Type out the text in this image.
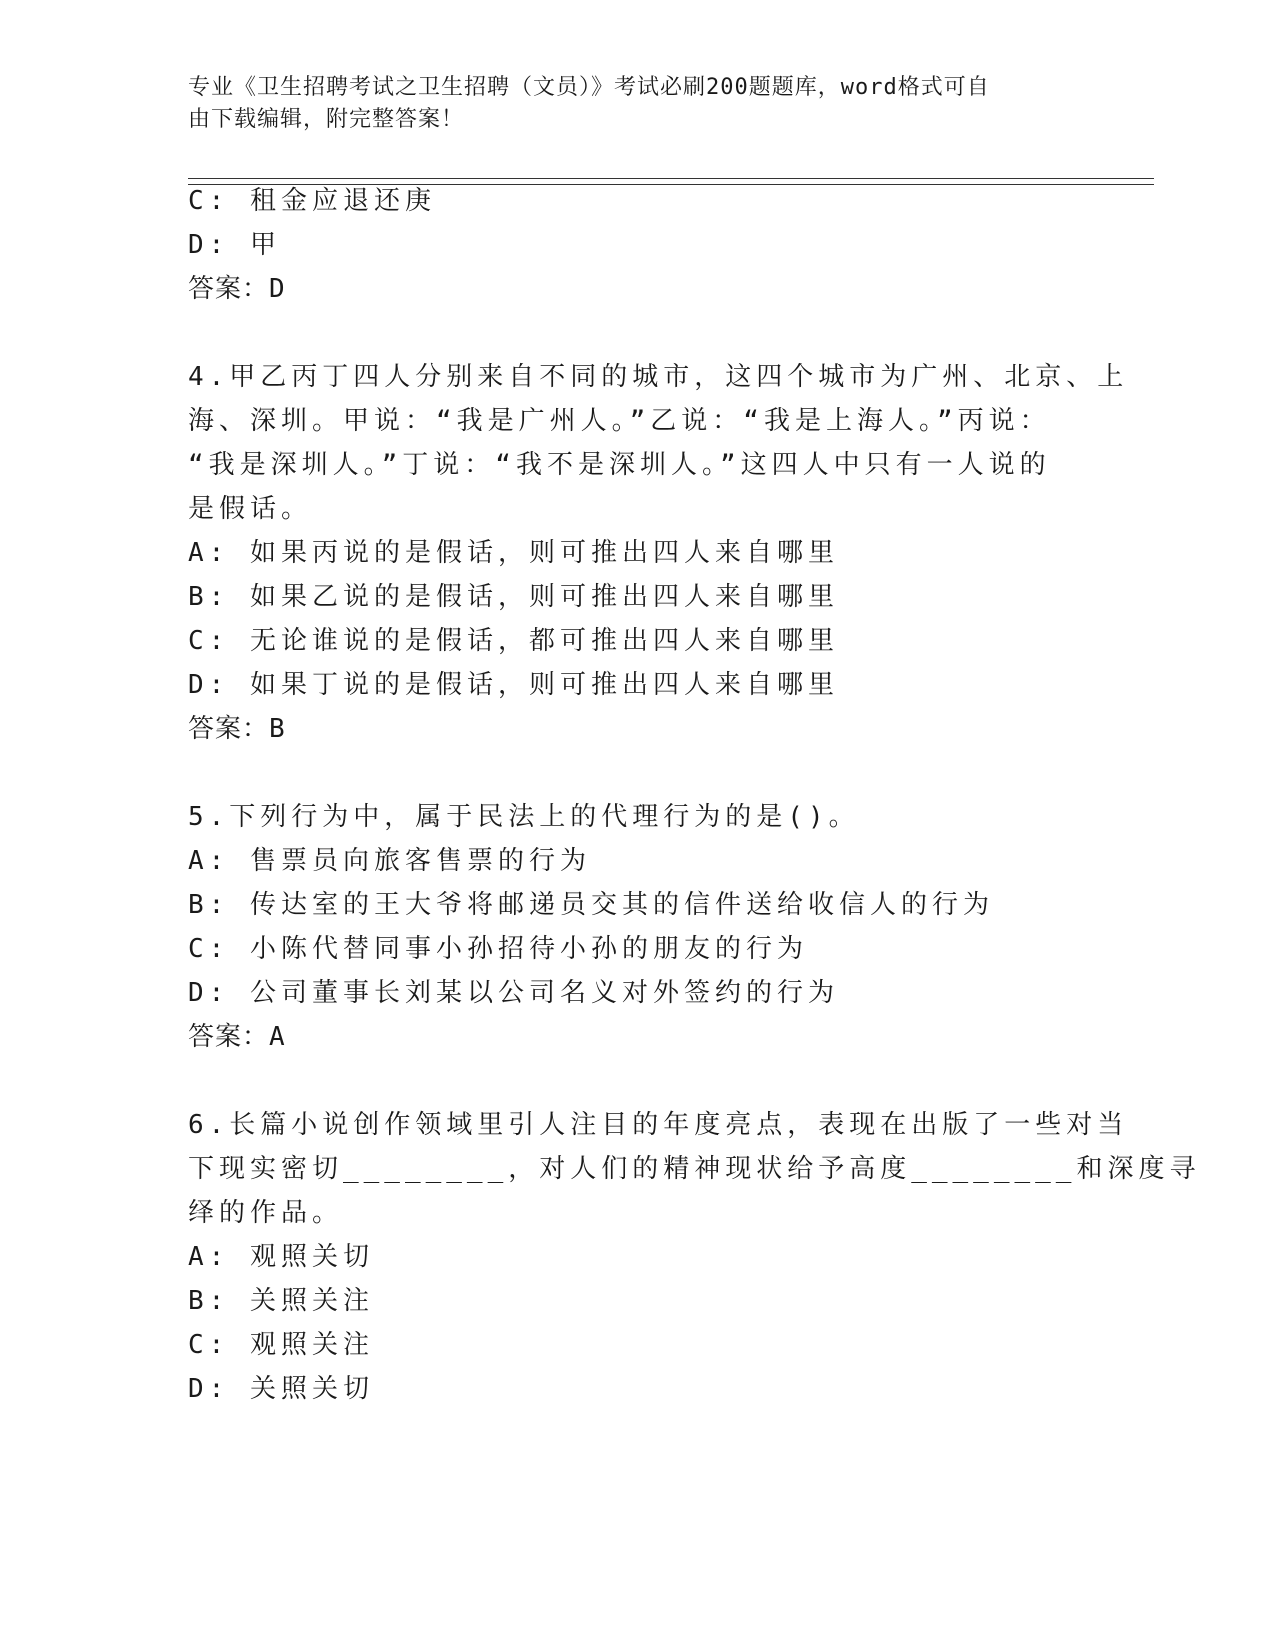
专业《卫生招聘考试之卫生招聘（文员）》考试必刷200题题库，word格式可自
由下载编辑，附完整答案！
C: 租金应退还庚
D: 甲
答案：D
4.甲乙丙丁四人分别来自不同的城市，这四个城市为广州、北京、上
海、深圳。甲说：“我是广州人。”乙说：“我是上海人。”丙说：
“我是深圳人。”丁说：“我不是深圳人。”这四人中只有一人说的
是假话。
A: 如果丙说的是假话，则可推出四人来自哪里
B: 如果乙说的是假话，则可推出四人来自哪里
C: 无论谁说的是假话，都可推出四人来自哪里
D: 如果丁说的是假话，则可推出四人来自哪里
答案：B
5.下列行为中，属于民法上的代理行为的是()。
A: 售票员向旅客售票的行为
B: 传达室的王大爷将邮递员交其的信件送给收信人的行为
C: 小陈代替同事小孙招待小孙的朋友的行为
D: 公司董事长刘某以公司名义对外签约的行为
答案：A
6.长篇小说创作领域里引人注目的年度亮点，表现在出版了一些对当
下现实密切________，对人们的精神现状给予高度________和深度寻
绎的作品。
A: 观照关切
B: 关照关注
C: 观照关注
D: 关照关切
